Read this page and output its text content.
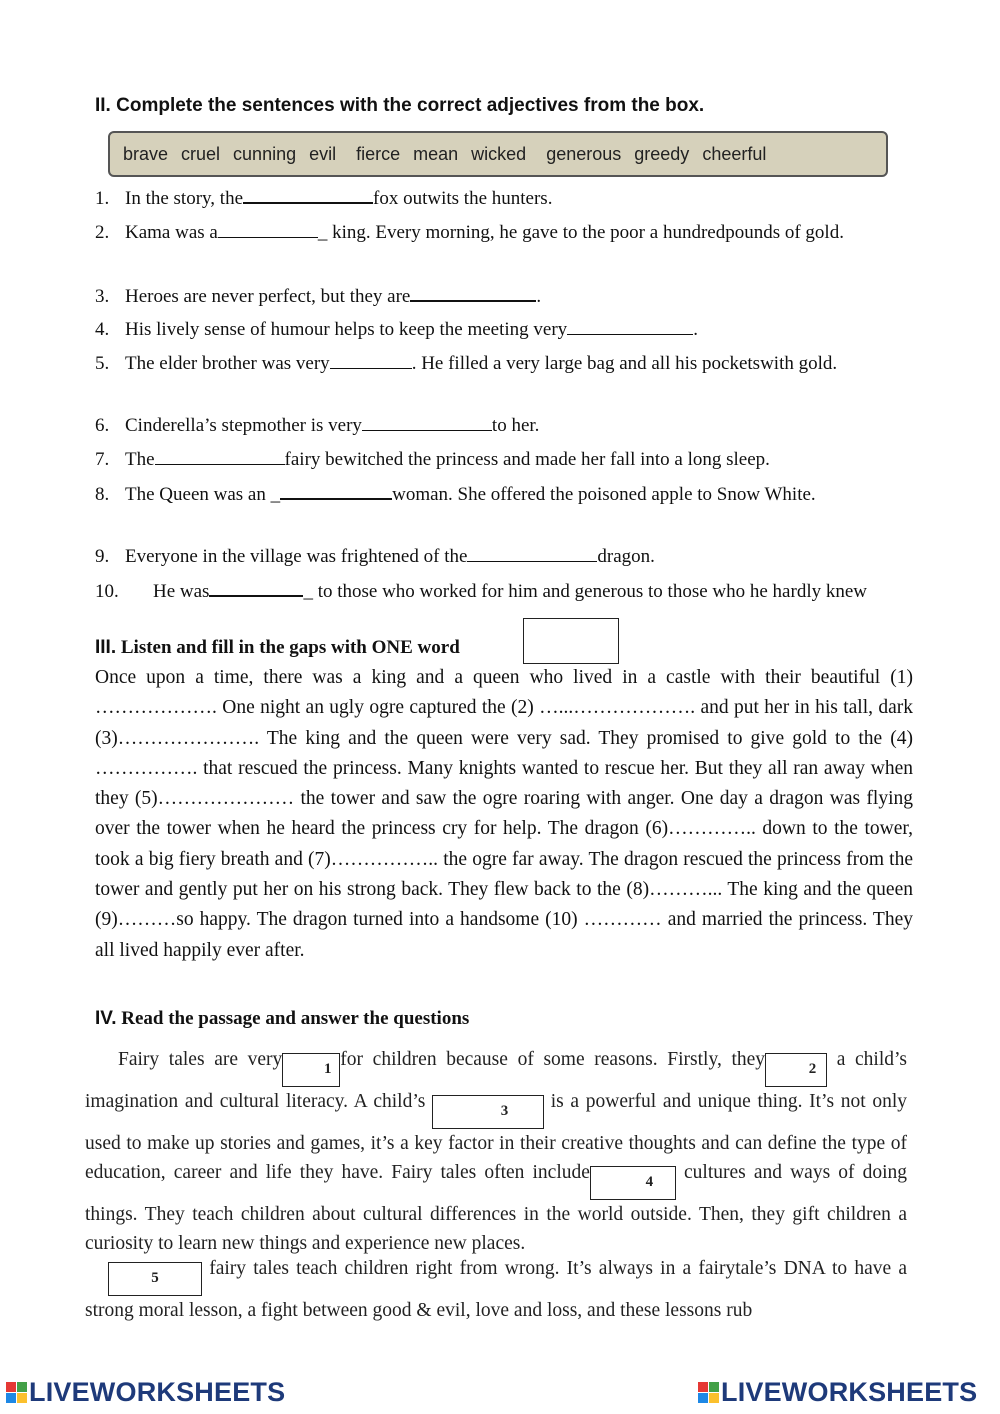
II. Complete the sentences with the correct adjectives from the box.
brave cruel cunning evil fierce mean wicked generous greedy cheerful
1. In the story, the	fox outwits the hunters.
2. Kama was a	_ king. Every morning, he gave to the poor a hundredpounds of gold.
3. Heroes are never perfect, but they are	.
4. His lively sense of humour helps to keep the meeting very	.
5. The elder brother was very	. He filled a very large bag and all his pocketswith gold.
6. Cinderella’s stepmother is very	to her.
7. The	fairy bewitched the princess and made her fall into a long sleep.
8. The Queen was an _	woman. She offered the poisoned apple to Snow White.
9. Everyone in the village was frightened of the	dragon.
10. He was	_ to those who worked for him and generous to those who he hardly knew
III. Listen and fill in the gaps with ONE word
Once upon a time, there was a king and a queen who lived in a castle with their beautiful (1) ………………. One night an ugly ogre captured the (2) …...………………. and put her in his tall, dark (3)…………………. The king and the queen were very sad. They promised to give gold to the (4) ……………. that rescued the princess. Many knights wanted to rescue her. But they all ran away when they (5)………………… the tower and saw the ogre roaring with anger. One day a dragon was flying over the tower when he heard the princess cry for help. The dragon (6)………….. down to the tower, took a big fiery breath and (7)…………….. the ogre far away. The dragon rescued the princess from the tower and gently put her on his strong back. They flew back to the (8)………... The king and the queen (9)………so happy. The dragon turned into a handsome (10) ………… and married the princess. They all lived happily ever after.
IV. Read the passage and answer the questions
Fairy tales are very	1 for children because of some reasons. Firstly, they	2 a child’s imagination and cultural literacy. A child’s	3 is a powerful and unique thing. It’s not only used to make up stories and games, it’s a key factor in their creative thoughts and can define the type of education, career and life they have. Fairy tales often include	4 cultures and ways of doing things. They teach children about cultural differences in the world outside. Then, they gift children a curiosity to learn new things and experience new places.
5	fairy tales teach children right from wrong. It’s always in a fairytale’s DNA to have a strong moral lesson, a fight between good & evil, love and loss, and these lessons rub
LIVEWORKSHEETS	LIVEWORKSHEETS
